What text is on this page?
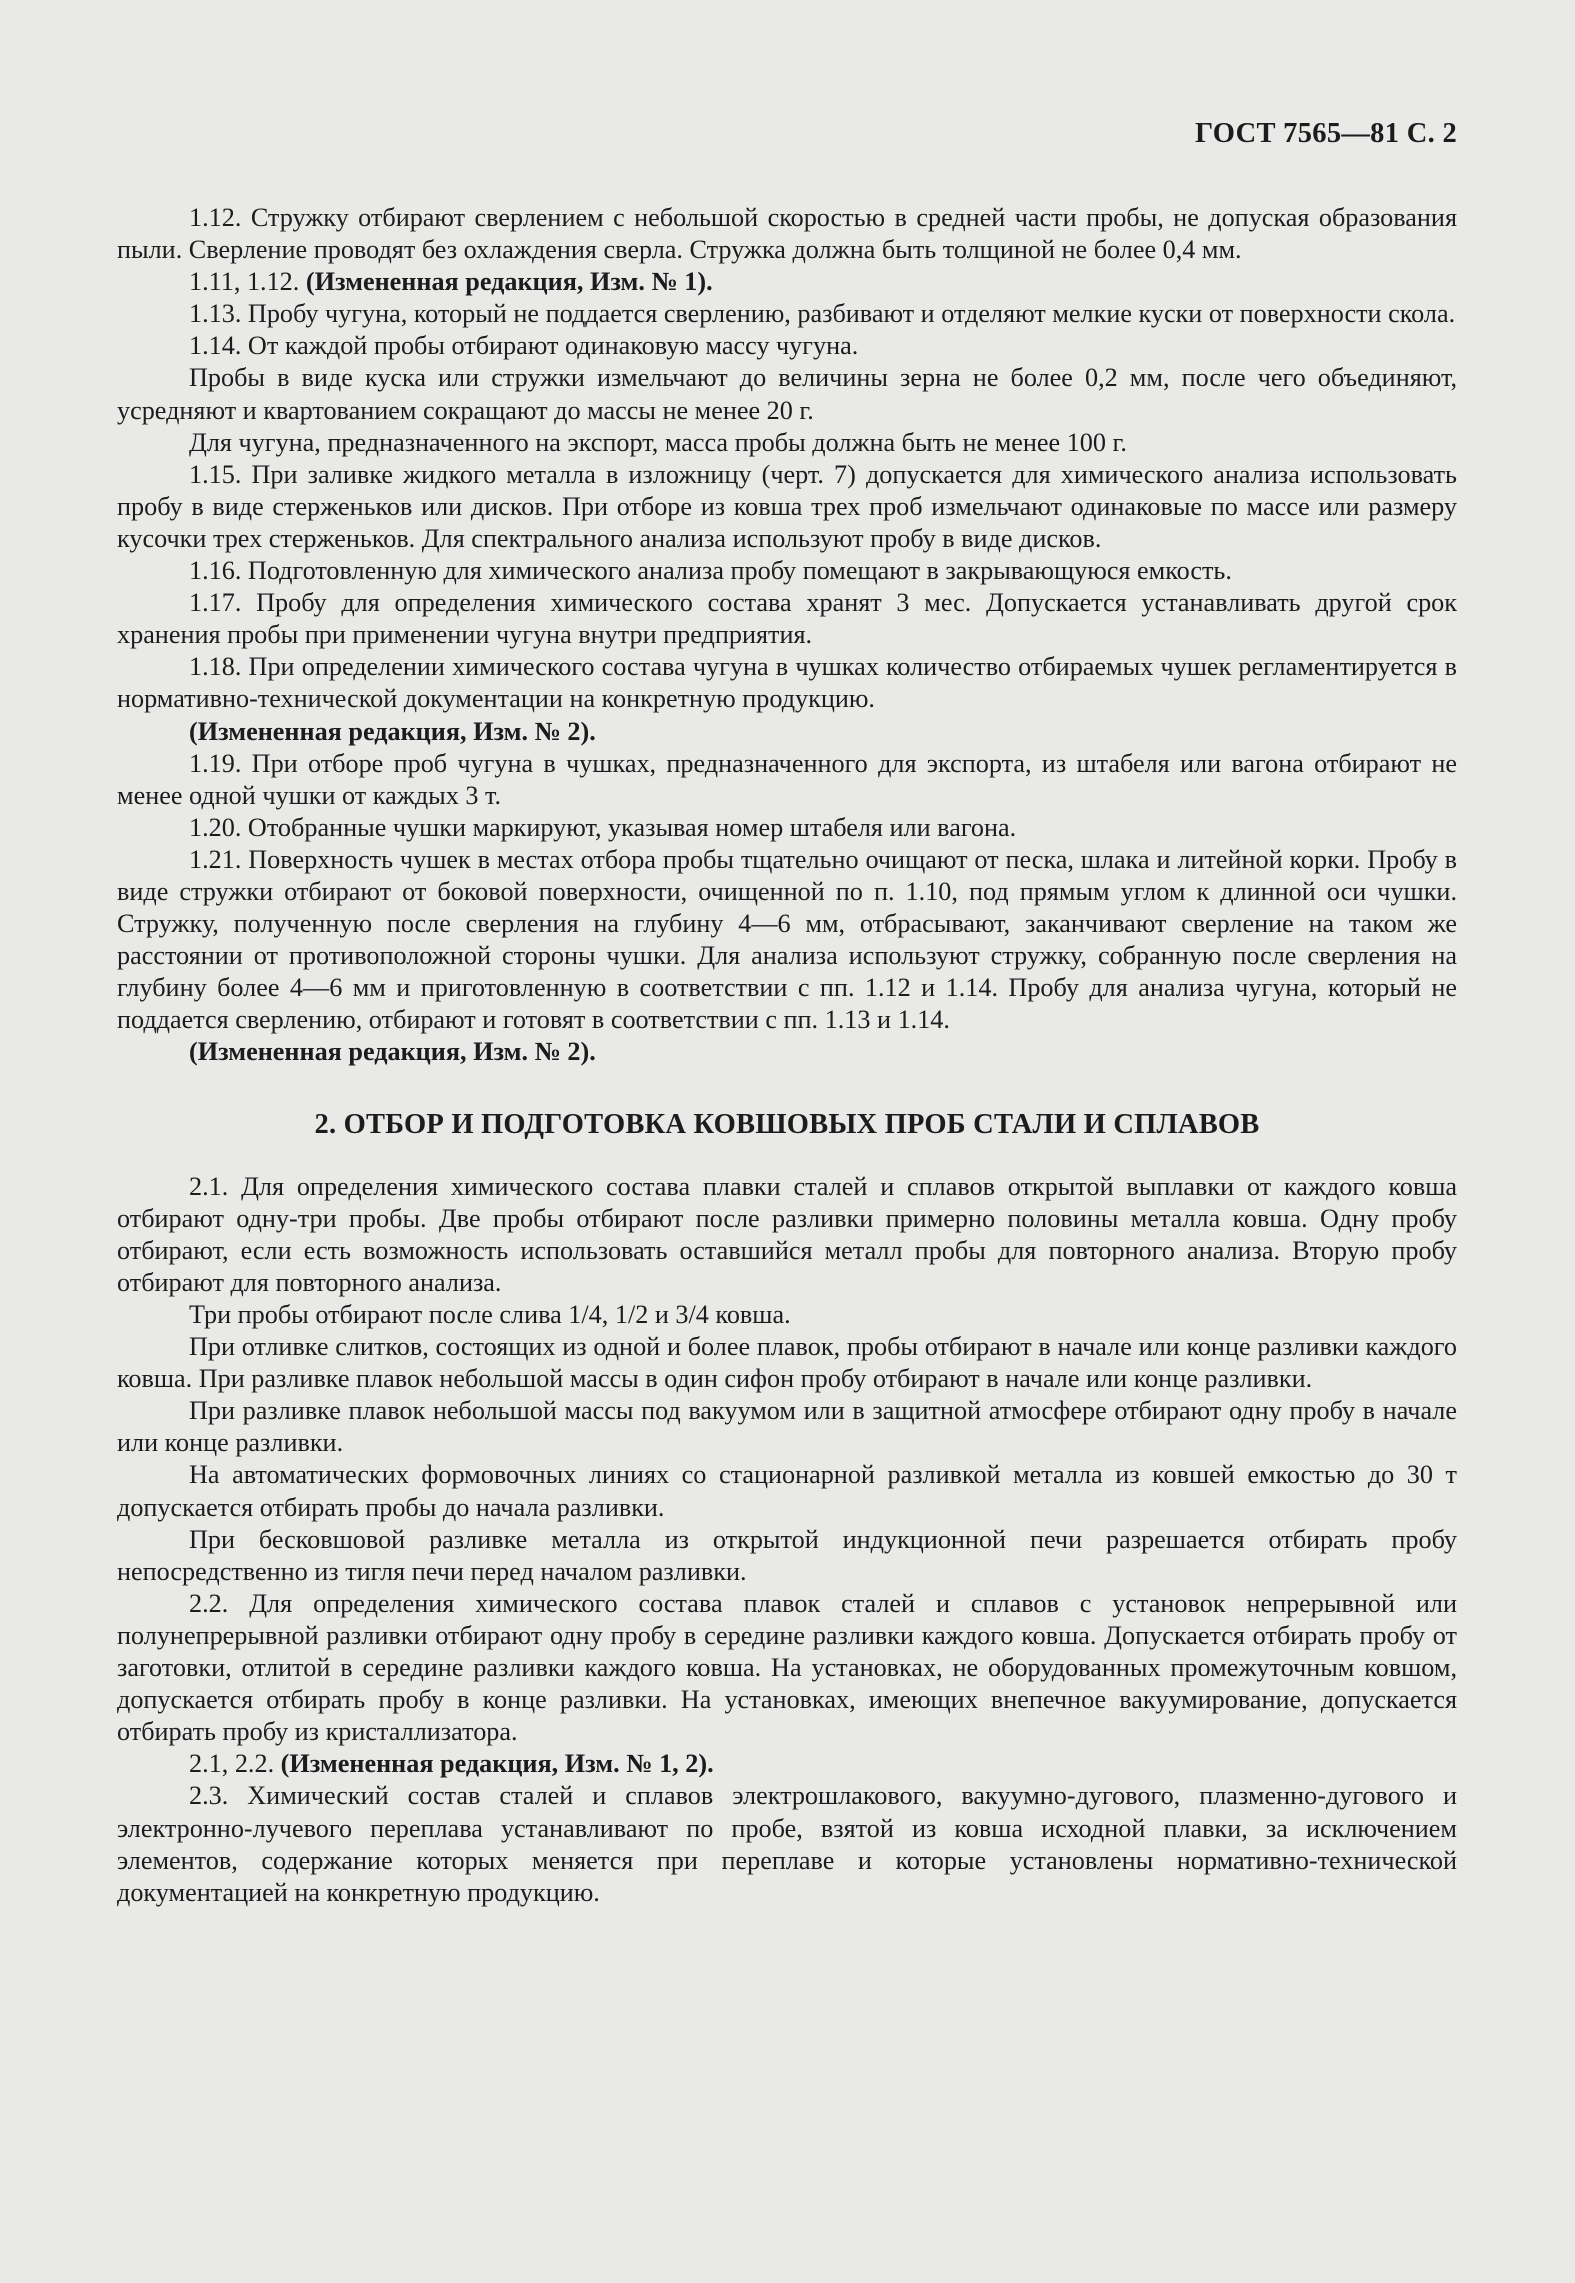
ГОСТ 7565—81 С. 2

1.12. Стружку отбирают сверлением с небольшой скоростью в средней части пробы, не допуская образования пыли. Сверление проводят без охлаждения сверла. Стружка должна быть толщиной не более 0,4 мм.

1.11, 1.12. (Измененная редакция, Изм. № 1).

1.13. Пробу чугуна, который не поддается сверлению, разбивают и отделяют мелкие куски от поверхности скола.

1.14. От каждой пробы отбирают одинаковую массу чугуна.

Пробы в виде куска или стружки измельчают до величины зерна не более 0,2 мм, после чего объединяют, усредняют и квартованием сокращают до массы не менее 20 г.

Для чугуна, предназначенного на экспорт, масса пробы должна быть не менее 100 г.

1.15. При заливке жидкого металла в изложницу (черт. 7) допускается для химического анализа использовать пробу в виде стерженьков или дисков. При отборе из ковша трех проб измельчают одинаковые по массе или размеру кусочки трех стерженьков. Для спектрального анализа используют пробу в виде дисков.

1.16. Подготовленную для химического анализа пробу помещают в закрывающуюся емкость.

1.17. Пробу для определения химического состава хранят 3 мес. Допускается устанавливать другой срок хранения пробы при применении чугуна внутри предприятия.

1.18. При определении химического состава чугуна в чушках количество отбираемых чушек регламентируется в нормативно-технической документации на конкретную продукцию.

(Измененная редакция, Изм. № 2).

1.19. При отборе проб чугуна в чушках, предназначенного для экспорта, из штабеля или вагона отбирают не менее одной чушки от каждых 3 т.

1.20. Отобранные чушки маркируют, указывая номер штабеля или вагона.

1.21. Поверхность чушек в местах отбора пробы тщательно очищают от песка, шлака и литейной корки. Пробу в виде стружки отбирают от боковой поверхности, очищенной по п. 1.10, под прямым углом к длинной оси чушки. Стружку, полученную после сверления на глубину 4—6 мм, отбрасывают, заканчивают сверление на таком же расстоянии от противоположной стороны чушки. Для анализа используют стружку, собранную после сверления на глубину более 4—6 мм и приготовленную в соответствии с пп. 1.12 и 1.14. Пробу для анализа чугуна, который не поддается сверлению, отбирают и готовят в соответствии с пп. 1.13 и 1.14.

(Измененная редакция, Изм. № 2).

2. ОТБОР И ПОДГОТОВКА КОВШОВЫХ ПРОБ СТАЛИ И СПЛАВОВ

2.1. Для определения химического состава плавки сталей и сплавов открытой выплавки от каждого ковша отбирают одну-три пробы. Две пробы отбирают после разливки примерно половины металла ковша. Одну пробу отбирают, если есть возможность использовать оставшийся металл пробы для повторного анализа. Вторую пробу отбирают для повторного анализа.

Три пробы отбирают после слива 1/4, 1/2 и 3/4 ковша.

При отливке слитков, состоящих из одной и более плавок, пробы отбирают в начале или конце разливки каждого ковша. При разливке плавок небольшой массы в один сифон пробу отбирают в начале или конце разливки.

При разливке плавок небольшой массы под вакуумом или в защитной атмосфере отбирают одну пробу в начале или конце разливки.

На автоматических формовочных линиях со стационарной разливкой металла из ковшей емкостью до 30 т допускается отбирать пробы до начала разливки.

При бесковшовой разливке металла из открытой индукционной печи разрешается отбирать пробу непосредственно из тигля печи перед началом разливки.

2.2. Для определения химического состава плавок сталей и сплавов с установок непрерывной или полунепрерывной разливки отбирают одну пробу в середине разливки каждого ковша. Допускается отбирать пробу от заготовки, отлитой в середине разливки каждого ковша. На установках, не оборудованных промежуточным ковшом, допускается отбирать пробу в конце разливки. На установках, имеющих внепечное вакуумирование, допускается отбирать пробу из кристаллизатора.

2.1, 2.2. (Измененная редакция, Изм. № 1, 2).

2.3. Химический состав сталей и сплавов электрошлакового, вакуумно-дугового, плазменно-дугового и электронно-лучевого переплава устанавливают по пробе, взятой из ковша исходной плавки, за исключением элементов, содержание которых меняется при переплаве и которые установлены нормативно-технической документацией на конкретную продукцию.
